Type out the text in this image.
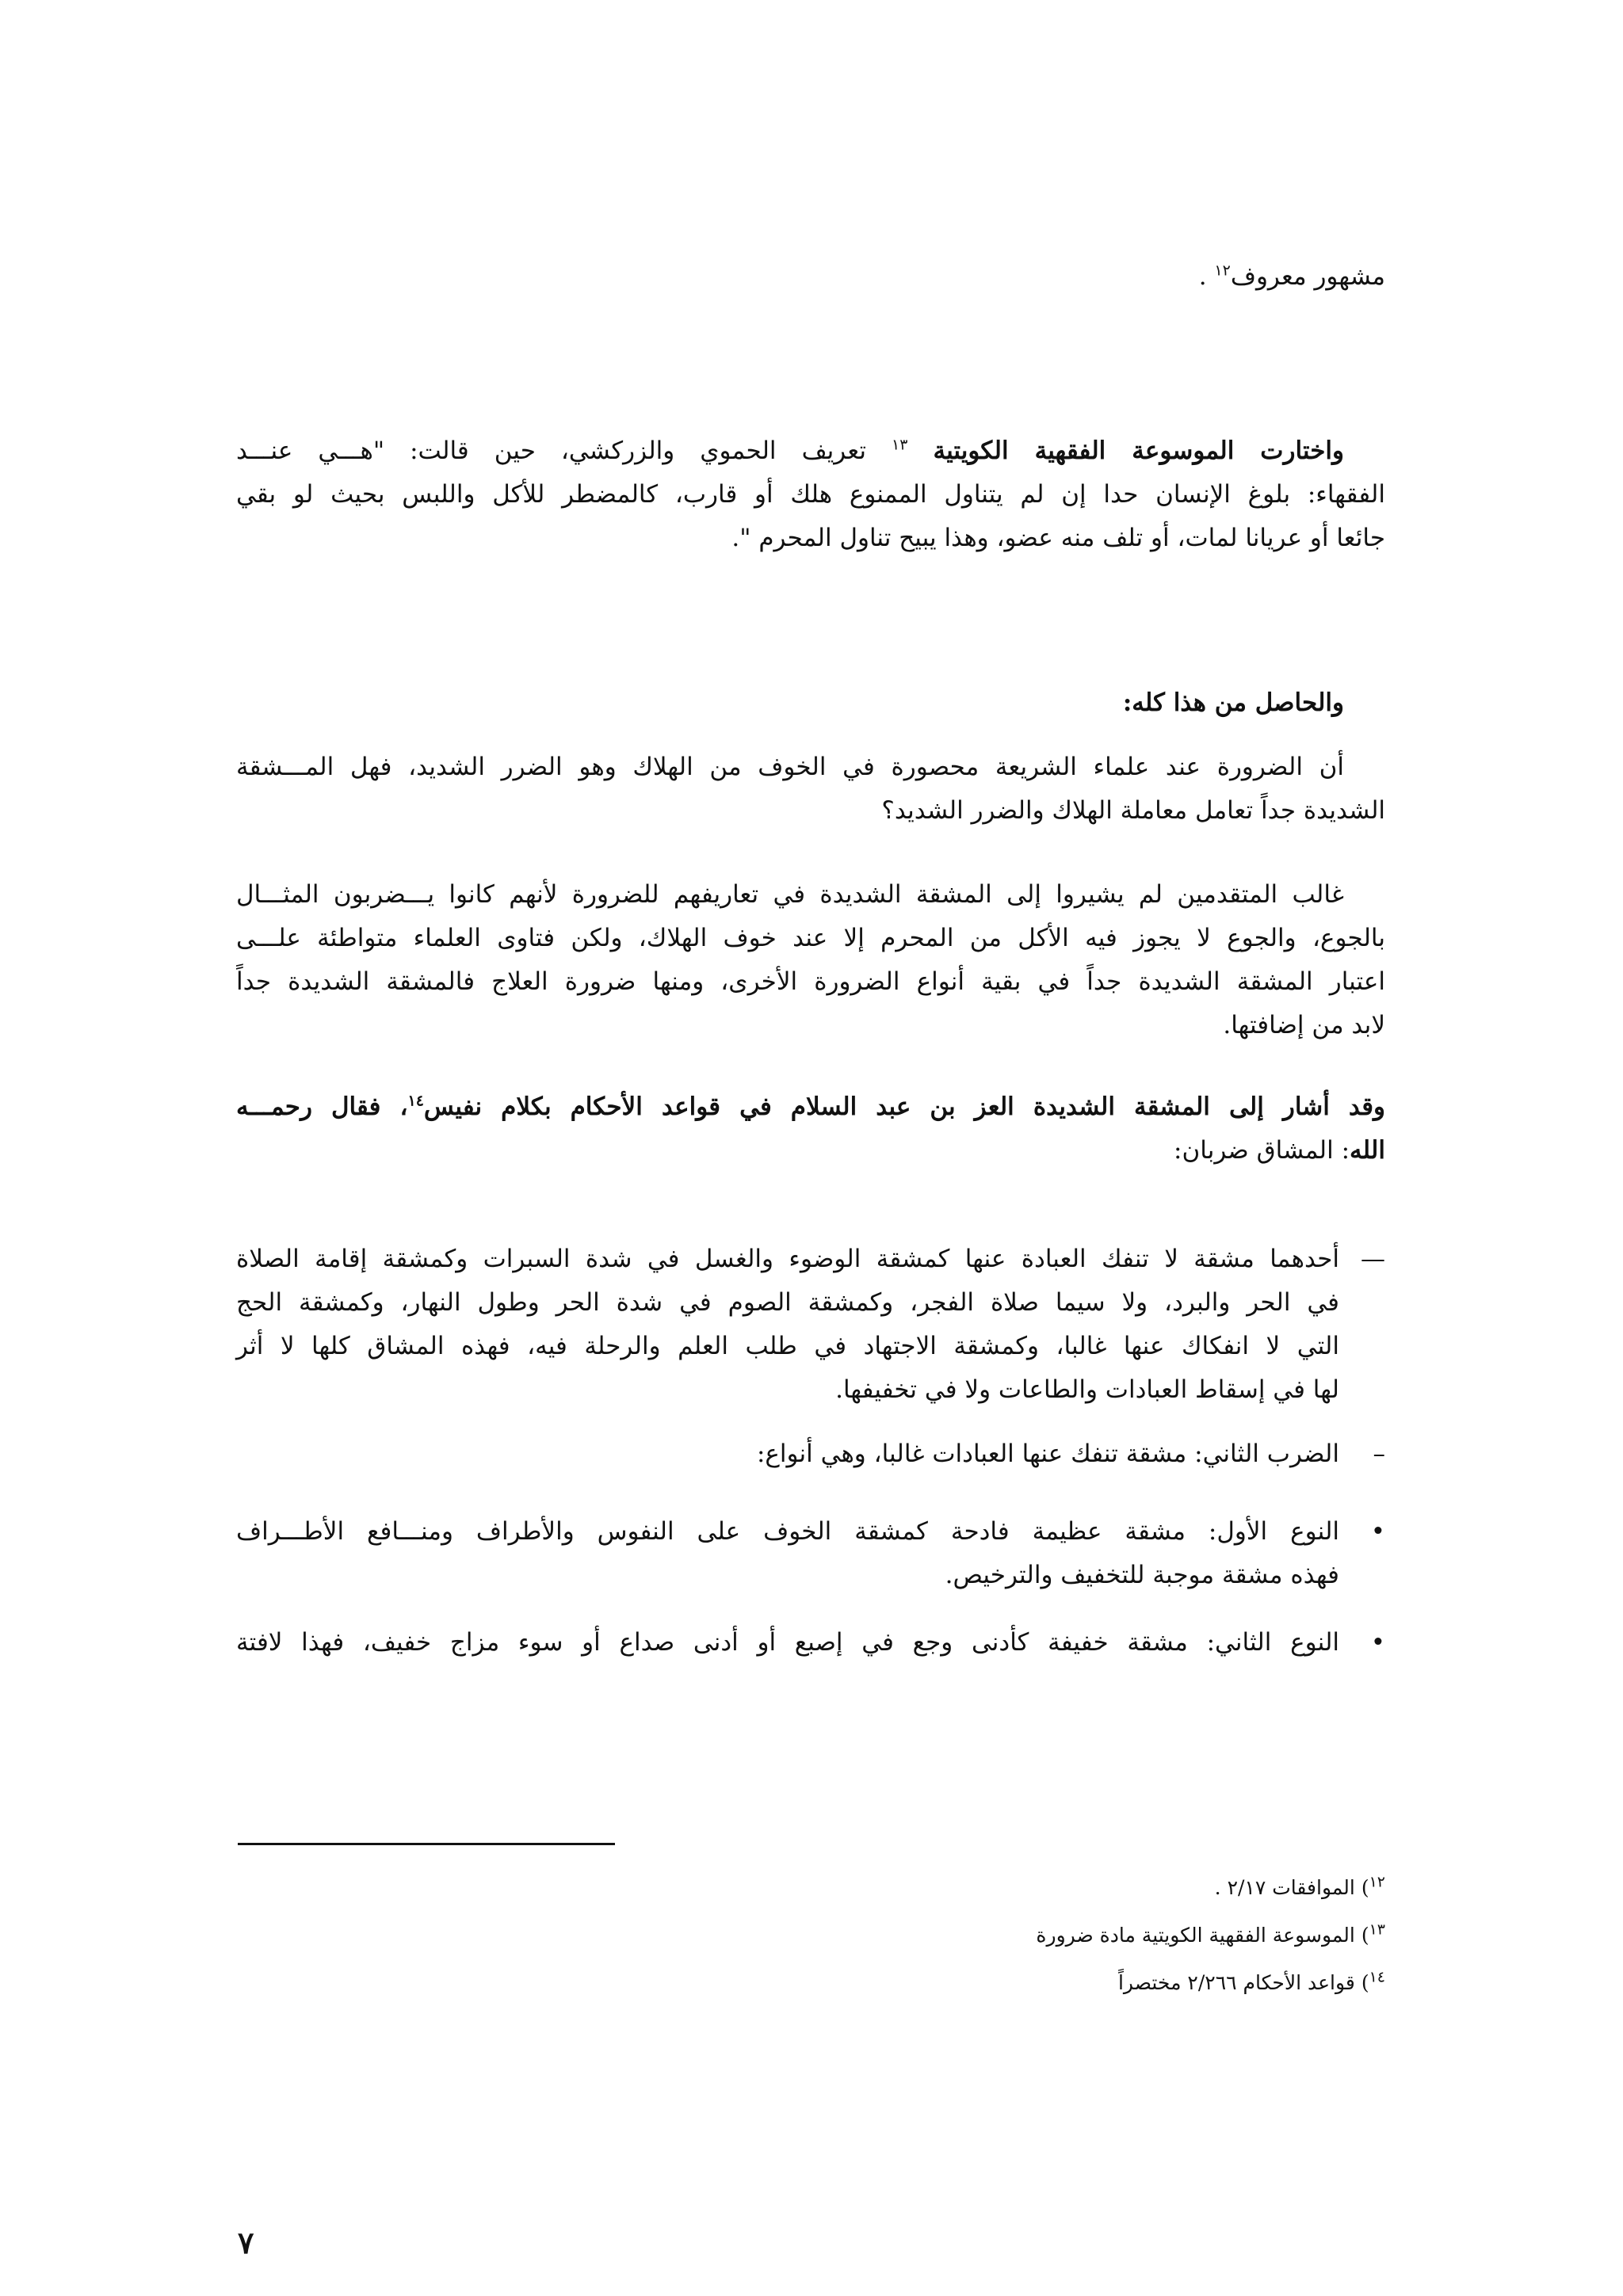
مشهور معروف$^{١٢}$ .
واختارت الموسوعة الفقهية الكويتية $^{١٣}$ تعريف الحموي والزركشي، حين قالت: "هـــي عنـــد
الفقهاء: بلوغ الإنسان حدا إن لم يتناول الممنوع هلك أو قارب، كالمضطر للأكل واللبس بحيث لو بقي
جائعا أو عريانا لمات، أو تلف منه عضو، وهذا يبيح تناول المحرم ".
والحاصل من هذا كله:
أن الضرورة عند علماء الشريعة محصورة في الخوف من الهلاك وهو الضرر الشديد، فهل المـــشقة
الشديدة جداً تعامل معاملة الهلاك والضرر الشديد؟
غالب المتقدمين لم يشيروا إلى المشقة الشديدة في تعاريفهم للضرورة لأنهم كانوا يـــضربون المثـــال
بالجوع، والجوع لا يجوز فيه الأكل من المحرم إلا عند خوف الهلاك، ولكن فتاوى العلماء متواطئة علـــى
اعتبار المشقة الشديدة جداً في بقية أنواع الضرورة الأخرى، ومنها ضرورة العلاج فالمشقة الشديدة جداً
لابد من إضافتها.
وقد أشار إلى المشقة الشديدة العز بن عبد السلام في قواعد الأحكام بكلام نفيس$^{١٤}$، فقال رحمـــه
الله: المشاق ضربان:
—أحدهما مشقة لا تنفك العبادة عنها كمشقة الوضوء والغسل في شدة السبرات وكمشقة إقامة الصلاة
في الحر والبرد، ولا سيما صلاة الفجر، وكمشقة الصوم في شدة الحر وطول النهار، وكمشقة الحج
التي لا انفكاك عنها غالبا، وكمشقة الاجتهاد في طلب العلم والرحلة فيه، فهذه المشاق كلها لا أثر
لها في إسقاط العبادات والطاعات ولا في تخفيفها.
–الضرب الثاني: مشقة تنفك عنها العبادات غالبا، وهي أنواع:
•النوع الأول: مشقة عظيمة فادحة كمشقة الخوف على النفوس والأطراف ومنـــافع الأطـــراف
فهذه مشقة موجبة للتخفيف والترخيص.
•النوع الثاني: مشقة خفيفة كأدنى وجع في إصبع أو أدنى صداع أو سوء مزاج خفيف، فهذا لافتة
$^{١٢}$) الموافقات ٢/١٧ .
$^{١٣}$) الموسوعة الفقهية الكويتية مادة ضرورة
$^{١٤}$) قواعد الأحكام ٢/٢٦٦ مختصراً
٧
